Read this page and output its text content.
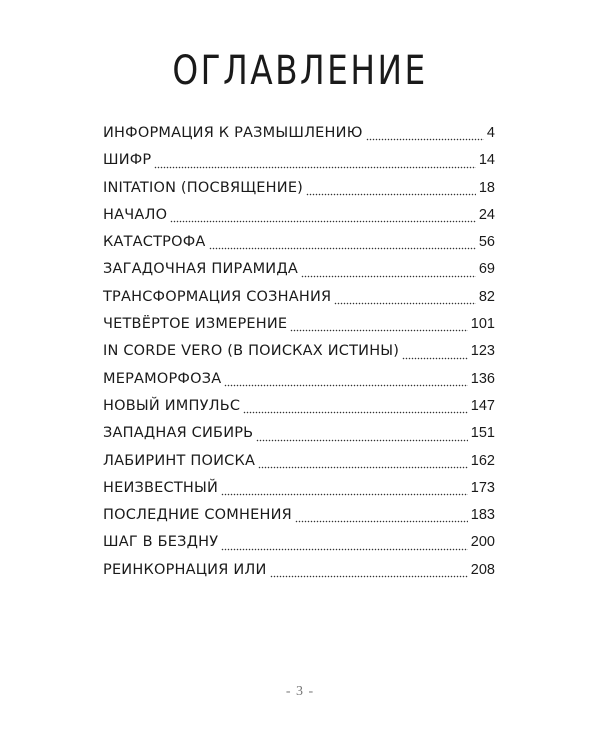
ОГЛАВЛЕНИЕ
ИНФОРМАЦИЯ К РАЗМЫШЛЕНИЮ	4
ШИФР	14
INITATION (ПОСВЯЩЕНИЕ)	18
НАЧАЛО	24
КАТАСТРОФА	56
ЗАГАДОЧНАЯ ПИРАМИДА	69
ТРАНСФОРМАЦИЯ СОЗНАНИЯ	82
ЧЕТВЁРТОЕ ИЗМЕРЕНИЕ	101
IN CORDE VERO (В ПОИСКАХ ИСТИНЫ)	123
МЕРАМОРФОЗА	136
НОВЫЙ ИМПУЛЬС	147
ЗАПАДНАЯ СИБИРЬ	151
ЛАБИРИНТ ПОИСКА	162
НЕИЗВЕСТНЫЙ	173
ПОСЛЕДНИЕ СОМНЕНИЯ	183
ШАГ В БЕЗДНУ	200
РЕИНКОРНАЦИЯ ИЛИ	208
- 3 -
